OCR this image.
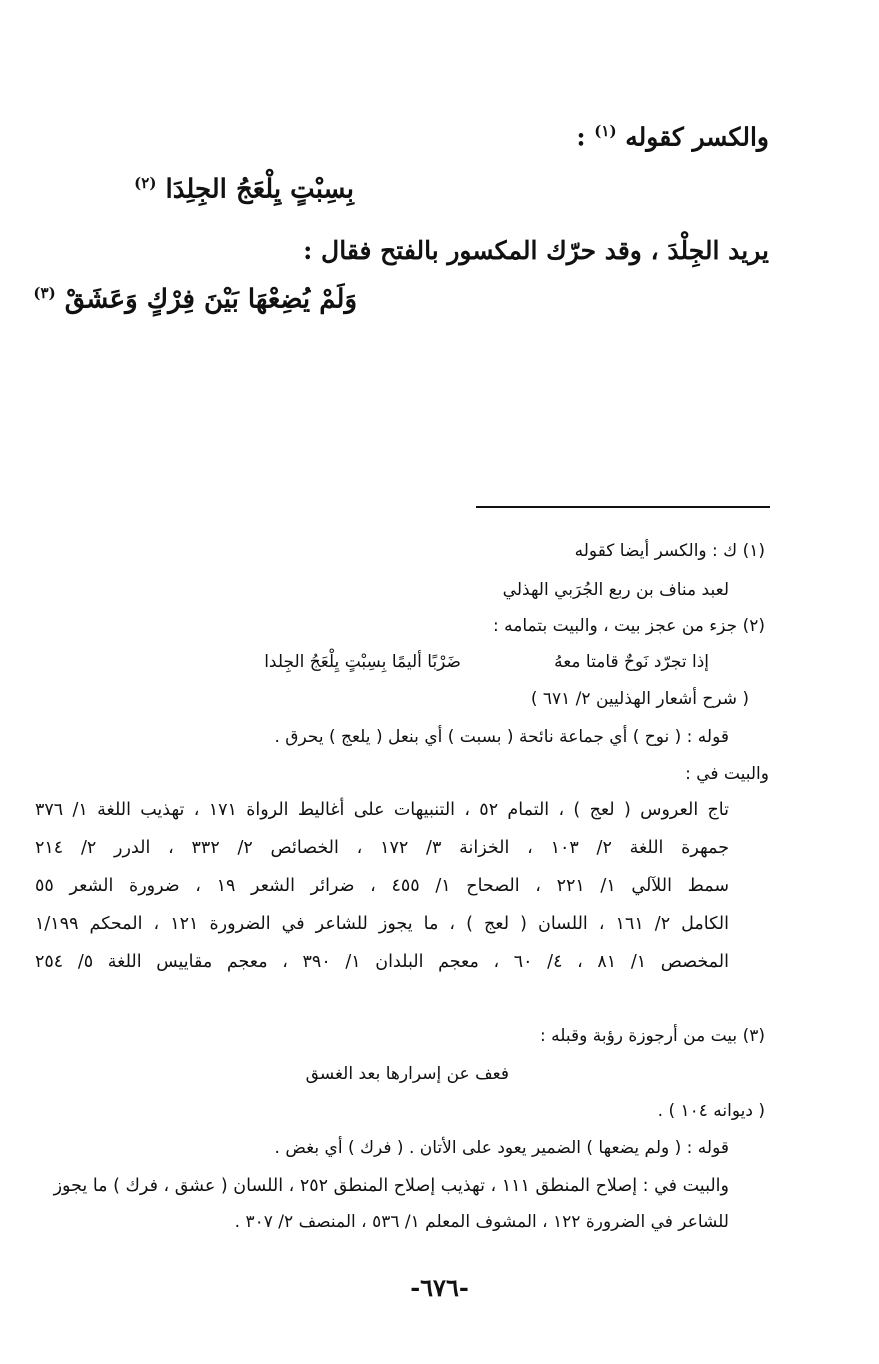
والكسر كقوله $^{(١)}$ :
بِسِبْتٍ يِلْعَجُ الجِلِدَا $^{(٢)}$
يريد الجِلْدَ ، وقد حرّك المكسور بالفتح فقال :
وَلَمْ يُضِعْهَا بَيْنَ فِرْكٍ وَعَشَقْ $^{(٣)}$
(١) ك : والكسر أيضا كقوله
لعبد مناف بن ربع الجُرَبي الهذلي
(٢) جزء من عجز بيت ، والبيت بتمامه :
إذا تجرّد نَوحٌ قامتا معهُ
ضَرْبًا أليمًا بِسِبْتٍ يِلْعَجُ الجِلدا
( شرح أشعار الهذليين ٢/ ٦٧١ )
قوله : ( نوح ) أي جماعة نائحة ( بسبت ) أي بنعل ( يلعج ) يحرق .
والبيت في :
تاج العروس ( لعج ) ، التمام ٥٢ ، التنبيهات على أغاليط الرواة ١٧١ ، تهذيب اللغة ١/ ٣٧٦
جمهرة اللغة ٢/ ١٠٣ ، الخزانة ٣/ ١٧٢ ، الخصائص ٢/ ٣٣٢ ، الدرر ٢/ ٢١٤
سمط اللآلي ١/ ٢٢١ ، الصحاح ١/ ٤٥٥ ، ضرائر الشعر ١٩ ، ضرورة الشعر ٥٥
الكامل ٢/ ١٦١ ، اللسان ( لعج ) ، ما يجوز للشاعر في الضرورة ١٢١ ، المحكم ١/١٩٩
المخصص ١/ ٨١ ، ٤/ ٦٠ ، معجم البلدان ١/ ٣٩٠ ، معجم مقاييس اللغة ٥/ ٢٥٤
(٣) بيت من أرجوزة رؤبة وقبله :
فعف عن إسرارها بعد الغسق
( ديوانه ١٠٤ ) .
قوله : ( ولم يضعها ) الضمير يعود على الأتان . ( فرك ) أي بغض .
والبيت في : إصلاح المنطق ١١١ ، تهذيب إصلاح المنطق ٢٥٢ ، اللسان ( عشق ، فرك ) ما يجوز
للشاعر في الضرورة ١٢٢ ، المشوف المعلم ١/ ٥٣٦ ، المنصف ٢/ ٣٠٧ .
-٦٧٦-
